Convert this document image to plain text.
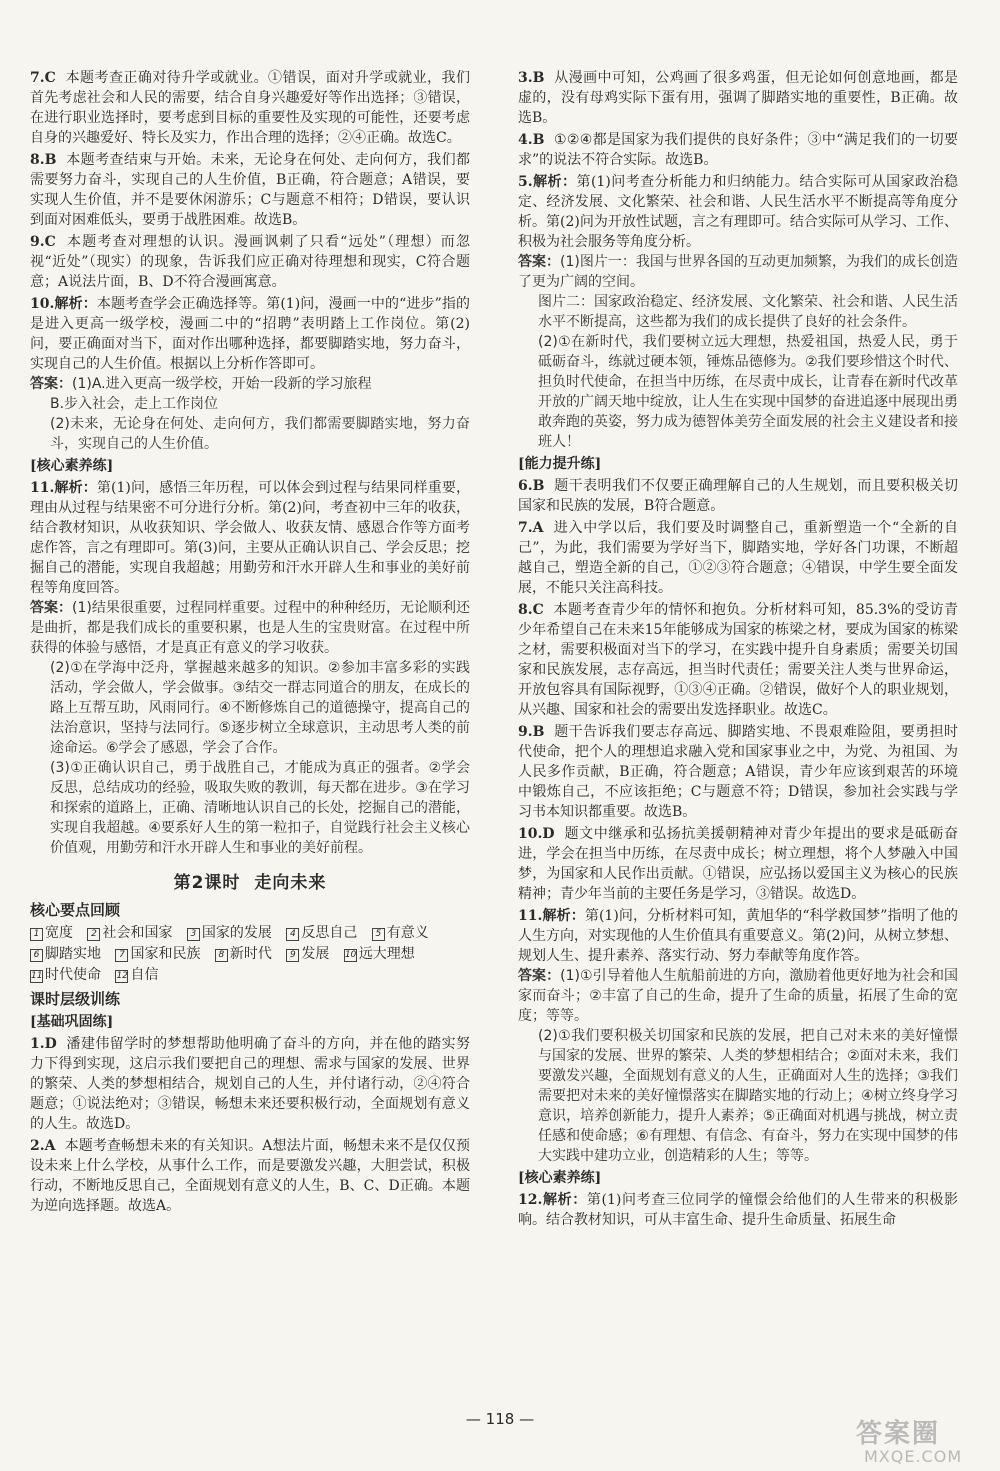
7.C 本题考查正确对待升学或就业。①错误，面对升学或就业，我们首先考虑社会和人民的需要，结合自身兴趣爱好等作出选择；③错误，在进行职业选择时，要考虑到目标的重要性及实现的可能性，还要考虑自身的兴趣爱好、特长及实力，作出合理的选择；②④正确。故选C。

8.B 本题考查结束与开始。未来，无论身在何处、走向何方，我们都需要努力奋斗，实现自己的人生价值，B正确，符合题意；A错误，要实现人生价值，并不是要休闲游乐；C与题意不相符；D错误，要认识到面对困难低头，要勇于战胜困难。故选B。

9.C 本题考查对理想的认识。漫画讽刺了只看“远处”（理想）而忽视“近处”（现实）的现象，告诉我们应正确对待理想和现实，C符合题意；A说法片面，B、D不符合漫画寓意。

10.解析：本题考查学会正确选择等。第(1)问，漫画一中的“进步”指的是进入更高一级学校，漫画二中的“招聘”表明踏上工作岗位。第(2)问，要正确面对当下，面对作出哪种选择，都要脚踏实地，努力奋斗，实现自己的人生价值。根据以上分析作答即可。

答案：(1)A.进入更高一级学校，开始一段新的学习旅程

B.步入社会，走上工作岗位

(2)未来，无论身在何处、走向何方，我们都需要脚踏实地，努力奋斗，实现自己的人生价值。

[核心素养练]

11.解析：第(1)问，感悟三年历程，可以体会到过程与结果同样重要，理由从过程与结果密不可分进行分析。第(2)问，考查初中三年的收获，结合教材知识，从收获知识、学会做人、收获友情、感恩合作等方面考虑作答，言之有理即可。第(3)问，主要从正确认识自己、学会反思；挖掘自己的潜能，实现自我超越；用勤劳和汗水开辟人生和事业的美好前程等角度回答。

答案：(1)结果很重要，过程同样重要。过程中的种种经历，无论顺利还是曲折，都是我们成长的重要积累，也是人生的宝贵财富。在过程中所获得的体验与感悟，才是真正有意义的学习收获。

(2)①在学海中泛舟，掌握越来越多的知识。②参加丰富多彩的实践活动，学会做人，学会做事。③结交一群志同道合的朋友，在成长的路上互帮互助，风雨同行。④不断修炼自己的道德操守，提高自己的法治意识，坚持与法同行。⑤逐步树立全球意识，主动思考人类的前途命运。⑥学会了感恩，学会了合作。

(3)①正确认识自己，勇于战胜自己，才能成为真正的强者。②学会反思，总结成功的经验，吸取失败的教训，每天都在进步。③在学习和探索的道路上，正确、清晰地认识自己的长处，挖掘自己的潜能，实现自我超越。④要系好人生的第一粒扣子，自觉践行社会主义核心价值观，用勤劳和汗水开辟人生和事业的美好前程。

第2课时 走向未来
核心要点回顾
1 宽度 2 社会和国家 3 国家的发展 4 反思自己 5 有意义
6 脚踏实地 7 国家和民族 8 新时代 9 发展 10 远大理想
11 时代使命 12 自信
课时层级训练
[基础巩固练]

1.D 潘建伟留学时的梦想帮助他明确了奋斗的方向，并在他的踏实努力下得到实现，这启示我们要把自己的理想、需求与国家的发展、世界的繁荣、人类的梦想相结合，规划自己的人生，并付诸行动，②④符合题意；①说法绝对；③错误，畅想未来还要积极行动，全面规划有意义的人生。故选D。

2.A 本题考查畅想未来的有关知识。A想法片面，畅想未来不是仅仅预设未来上什么学校，从事什么工作，而是要激发兴趣，大胆尝试，积极行动，不断地反思自己，全面规划有意义的人生，B、C、D正确。本题为逆向选择题。故选A。

3.B 从漫画中可知，公鸡画了很多鸡蛋，但无论如何创意地画，都是虚的，没有母鸡实际下蛋有用，强调了脚踏实地的重要性，B正确。故选B。

4.B ①②④都是国家为我们提供的良好条件；③中“满足我们的一切要求”的说法不符合实际。故选B。

5.解析：第(1)问考查分析能力和归纳能力。结合实际可从国家政治稳定、经济发展、文化繁荣、社会和谐、人民生活水平不断提高等角度分析。第(2)问为开放性试题，言之有理即可。结合实际可从学习、工作、积极为社会服务等角度分析。

答案：(1)图片一：我国与世界各国的互动更加频繁，为我们的成长创造了更为广阔的空间。

图片二：国家政治稳定、经济发展、文化繁荣、社会和谐、人民生活水平不断提高，这些都为我们的成长提供了良好的社会条件。

(2)①在新时代，我们要树立远大理想，热爱祖国，热爱人民，勇于砥砺奋斗，练就过硬本领，锤炼品德修为。②我们要珍惜这个时代、担负时代使命，在担当中历练，在尽责中成长，让青春在新时代改革开放的广阔天地中绽放，让人生在实现中国梦的奋进追逐中展现出勇敢奔跑的英姿，努力成为德智体美劳全面发展的社会主义建设者和接班人！

[能力提升练]

6.B 题干表明我们不仅要正确理解自己的人生规划，而且要积极关切国家和民族的发展，B符合题意。

7.A 进入中学以后，我们要及时调整自己，重新塑造一个“全新的自己”，为此，我们需要为学好当下，脚踏实地，学好各门功课，不断超越自己，塑造全新的自己，①②③符合题意；④错误，中学生要全面发展，不能只关注高科技。

8.C 本题考查青少年的情怀和抱负。分析材料可知，85.3%的受访青少年希望自己在未来15年能够成为国家的栋梁之材，要成为国家的栋梁之材，需要积极面对当下的学习，在实践中提升自身素质；需要关切国家和民族发展，志存高远，担当时代责任；需要关注人类与世界命运，开放包容具有国际视野，①③④正确。②错误，做好个人的职业规划，从兴趣、国家和社会的需要出发选择职业。故选C。

9.B 题干告诉我们要志存高远、脚踏实地、不畏艰难险阻，要勇担时代使命，把个人的理想追求融入党和国家事业之中，为党、为祖国、为人民多作贡献，B正确，符合题意；A错误，青少年应该到艰苦的环境中锻炼自己，不应该拒绝；C与题意不符；D错误，参加社会实践与学习书本知识都重要。故选B。

10.D 题文中继承和弘扬抗美援朝精神对青少年提出的要求是砥砺奋进，学会在担当中历练，在尽责中成长；树立理想，将个人梦融入中国梦，为国家和人民作出贡献。①错误，应弘扬以爱国主义为核心的民族精神；青少年当前的主要任务是学习，③错误。故选D。

11.解析：第(1)问，分析材料可知，黄旭华的“科学救国梦”指明了他的人生方向，对实现他的人生价值具有重要意义。第(2)问，从树立梦想、规划人生、提升素养、落实行动、努力奉献等角度作答。

答案：(1)①引导着他人生航船前进的方向，激励着他更好地为社会和国家而奋斗；②丰富了自己的生命，提升了生命的质量，拓展了生命的宽度；等等。

(2)①我们要积极关切国家和民族的发展，把自己对未来的美好憧憬与国家的发展、世界的繁荣、人类的梦想相结合；②面对未来，我们要激发兴趣，全面规划有意义的人生，正确面对人生的选择；③我们需要把对未来的美好憧憬落实在脚踏实地的行动上；④树立终身学习意识，培养创新能力，提升人素养；⑤正确面对机遇与挑战，树立责任感和使命感；⑥有理想、有信念、有奋斗，努力在实现中国梦的伟大实践中建功立业，创造精彩的人生；等等。

[核心素养练]

12.解析：第(1)问考查三位同学的憧憬会给他们的人生带来的积极影响。结合教材知识，可从丰富生命、提升生命质量、拓展生命

— 118 —	答案圈
MXQE.COM
